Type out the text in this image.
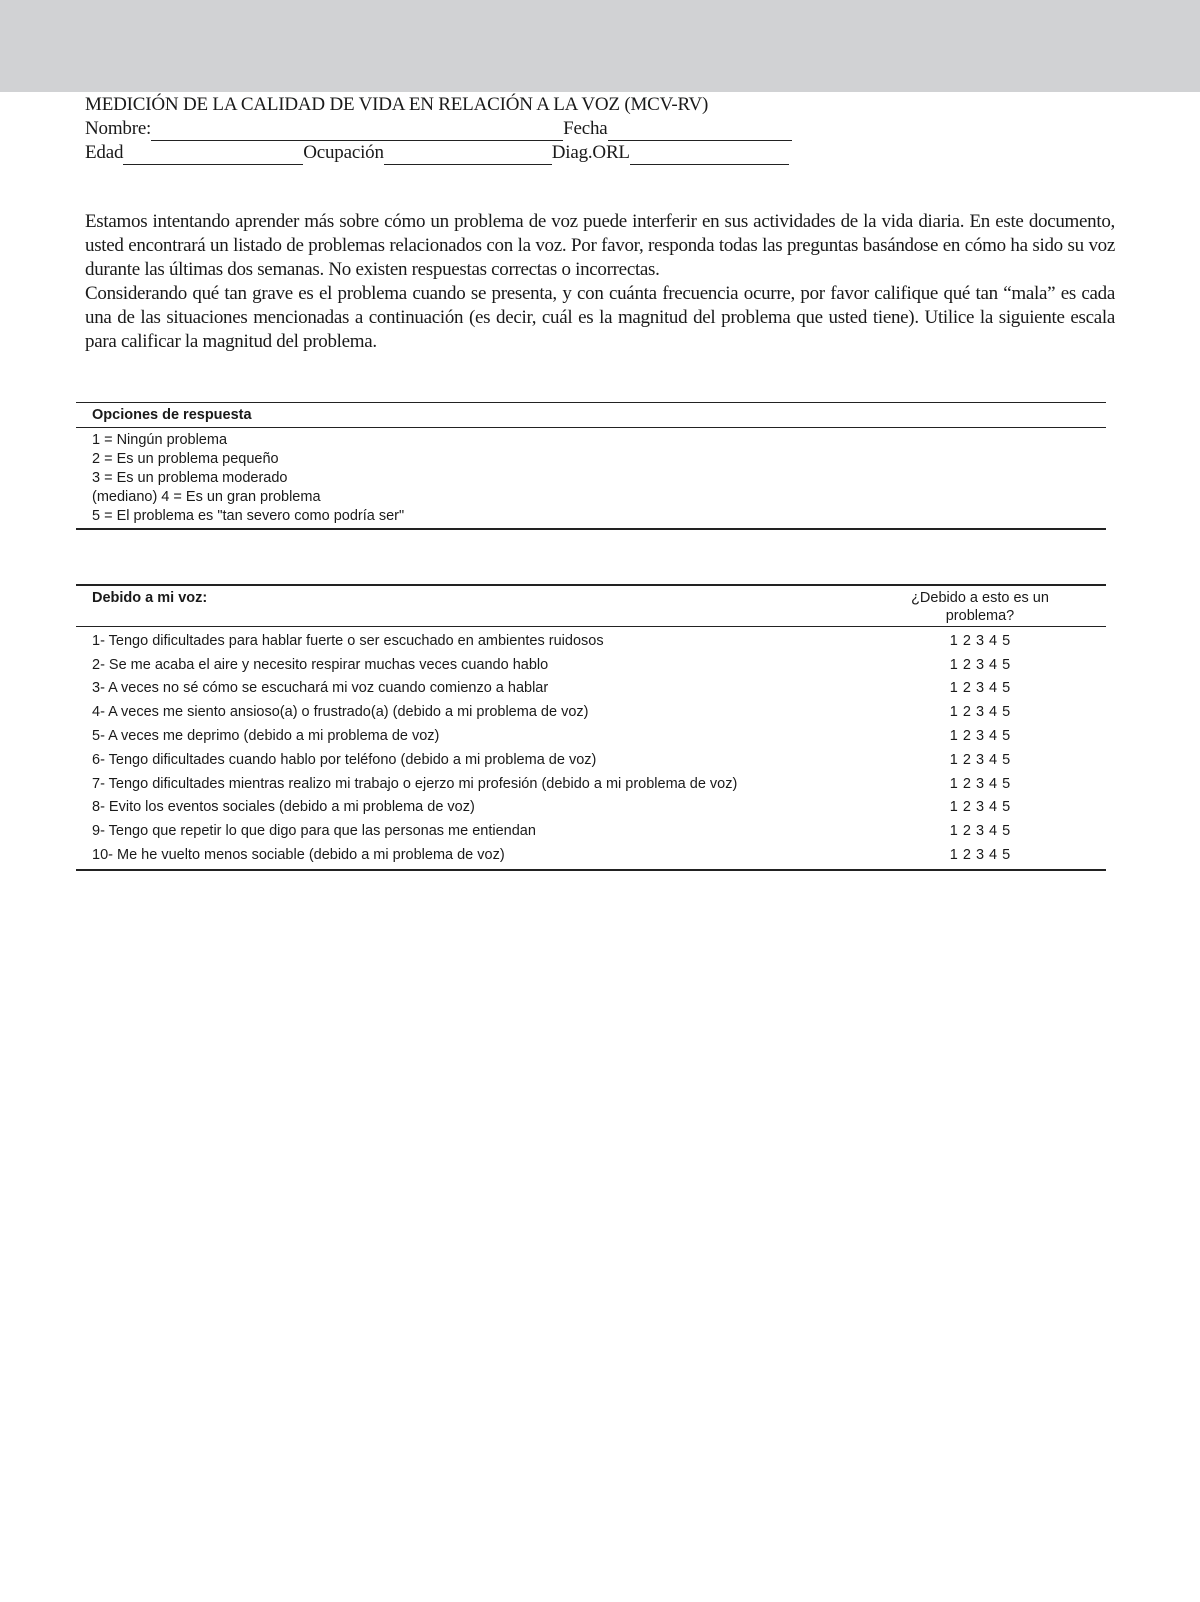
MEDICIÓN DE LA CALIDAD DE VIDA EN RELACIÓN A LA VOZ (MCV-RV)
Nombre:	Fecha
Edad	Ocupación	Diag.ORL

Estamos intentando aprender más sobre cómo un problema de voz puede interferir en sus actividades de la vida diaria. En este documento, usted encontrará un listado de problemas relacionados con la voz. Por favor, responda todas las preguntas basándose en cómo ha sido su voz durante las últimas dos semanas. No existen respuestas correctas o incorrectas.

Considerando qué tan grave es el problema cuando se presenta, y con cuánta frecuencia ocurre, por favor califique qué tan “mala” es cada una de las situaciones mencionadas a continuación (es decir, cuál es la magnitud del problema que usted tiene). Utilice la siguiente escala para calificar la magnitud del problema.

Opciones de respuesta
1 = Ningún problema
2 = Es un problema pequeño
3 = Es un problema moderado
(mediano) 4 = Es un gran problema
5 = El problema es "tan severo como podría ser"
Debido a mi voz:	¿Debido a esto es un problema?
1- Tengo dificultades para hablar fuerte o ser escuchado en ambientes ruidosos	1 2 3 4 5
2- Se me acaba el aire y necesito respirar muchas veces cuando hablo	1 2 3 4 5
3- A veces no sé cómo se escuchará mi voz cuando comienzo a hablar	1 2 3 4 5
4- A veces me siento ansioso(a) o frustrado(a) (debido a mi problema de voz)	1 2 3 4 5
5- A veces me deprimo (debido a mi problema de voz)	1 2 3 4 5
6- Tengo dificultades cuando hablo por teléfono (debido a mi problema de voz)	1 2 3 4 5
7- Tengo dificultades mientras realizo mi trabajo o ejerzo mi profesión (debido a mi problema de voz)	1 2 3 4 5
8- Evito los eventos sociales (debido a mi problema de voz)	1 2 3 4 5
9- Tengo que repetir lo que digo para que las personas me entiendan	1 2 3 4 5
10- Me he vuelto menos sociable (debido a mi problema de voz)	1 2 3 4 5
